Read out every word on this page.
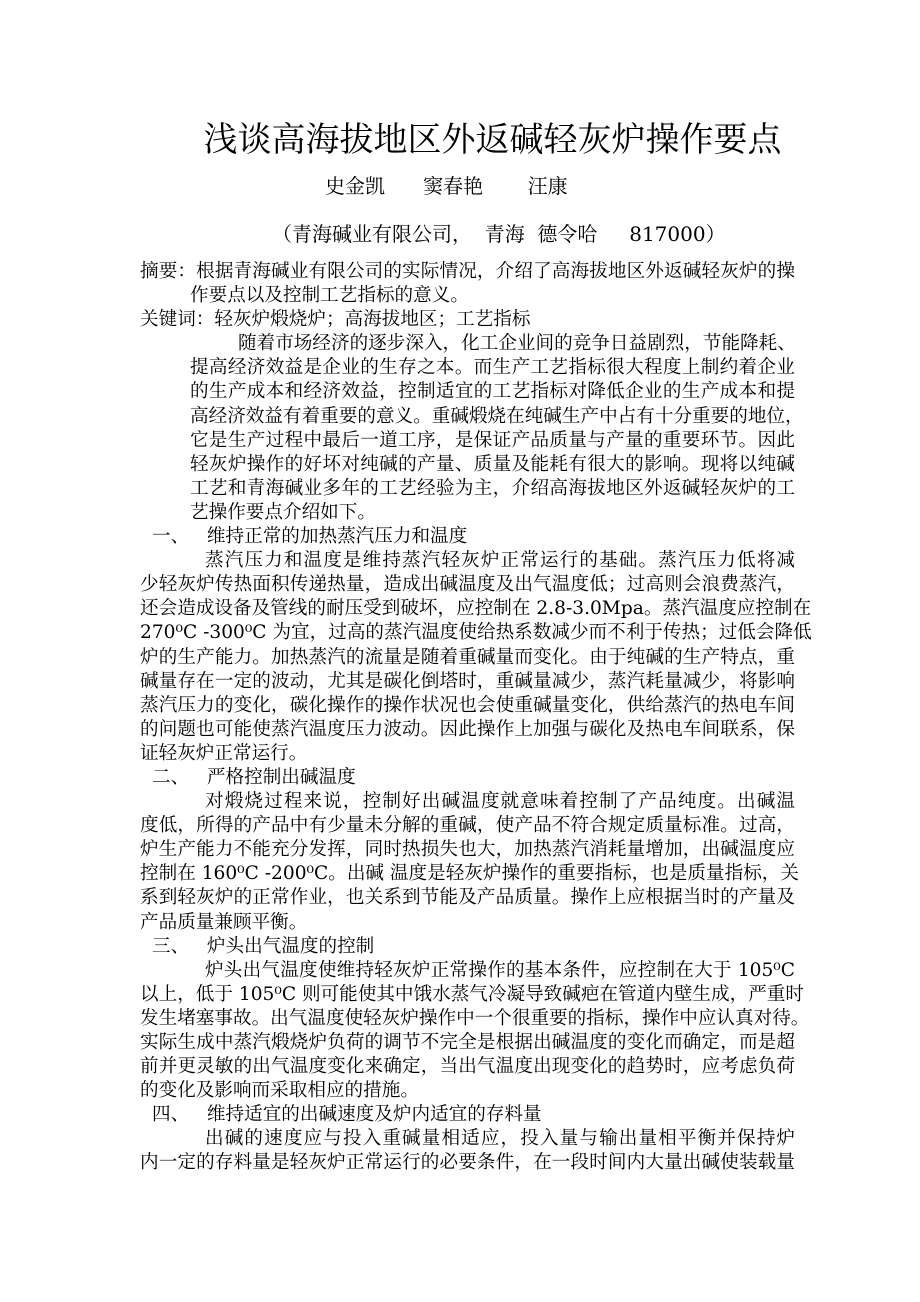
浅谈高海拔地区外返碱轻灰炉操作要点
史金凯      窦春艳       汪康
（青海碱业有限公司，  青海  德令哈     817000）
摘要：根据青海碱业有限公司的实际情况，介绍了高海拔地区外返碱轻灰炉的操
作要点以及控制工艺指标的意义。
关键词：轻灰炉煅烧炉；高海拔地区；工艺指标
随着市场经济的逐步深入，化工企业间的竞争日益剧烈，节能降耗、
提高经济效益是企业的生存之本。而生产工艺指标很大程度上制约着企业
的生产成本和经济效益，控制适宜的工艺指标对降低企业的生产成本和提
高经济效益有着重要的意义。重碱煅烧在纯碱生产中占有十分重要的地位，
它是生产过程中最后一道工序，是保证产品质量与产量的重要环节。因此
轻灰炉操作的好坏对纯碱的产量、质量及能耗有很大的影响。现将以纯碱
工艺和青海碱业多年的工艺经验为主，介绍高海拔地区外返碱轻灰炉的工
艺操作要点介绍如下。
一、   维持正常的加热蒸汽压力和温度
蒸汽压力和温度是维持蒸汽轻灰炉正常运行的基础。蒸汽压力低将减
少轻灰炉传热面积传递热量，造成出碱温度及出气温度低；过高则会浪费蒸汽，
还会造成设备及管线的耐压受到破坏，应控制在 2.8-3.0Mpa。蒸汽温度应控制在
270⁰C -300⁰C 为宜，过高的蒸汽温度使给热系数减少而不利于传热；过低会降低
炉的生产能力。加热蒸汽的流量是随着重碱量而变化。由于纯碱的生产特点，重
碱量存在一定的波动，尤其是碳化倒塔时，重碱量减少，蒸汽耗量减少，将影响
蒸汽压力的变化，碳化操作的操作状况也会使重碱量变化，供给蒸汽的热电车间
的问题也可能使蒸汽温度压力波动。因此操作上加强与碳化及热电车间联系，保
证轻灰炉正常运行。
二、   严格控制出碱温度
对煅烧过程来说，控制好出碱温度就意味着控制了产品纯度。出碱温
度低，所得的产品中有少量未分解的重碱，使产品不符合规定质量标准。过高，
炉生产能力不能充分发挥，同时热损失也大，加热蒸汽消耗量增加，出碱温度应
控制在 160⁰C -200⁰C。出碱 温度是轻灰炉操作的重要指标，也是质量指标，关
系到轻灰炉的正常作业，也关系到节能及产品质量。操作上应根据当时的产量及
产品质量兼顾平衡。
三、   炉头出气温度的控制
炉头出气温度使维持轻灰炉正常操作的基本条件，应控制在大于 105⁰C
以上，低于 105⁰C 则可能使其中饿水蒸气冷凝导致碱疤在管道内壁生成，严重时
发生堵塞事故。出气温度使轻灰炉操作中一个很重要的指标，操作中应认真对待。
实际生成中蒸汽煅烧炉负荷的调节不完全是根据出碱温度的变化而确定，而是超
前并更灵敏的出气温度变化来确定，当出气温度出现变化的趋势时，应考虑负荷
的变化及影响而采取相应的措施。
四、   维持适宜的出碱速度及炉内适宜的存料量
出碱的速度应与投入重碱量相适应，投入量与输出量相平衡并保持炉
内一定的存料量是轻灰炉正常运行的必要条件，在一段时间内大量出碱使装载量
